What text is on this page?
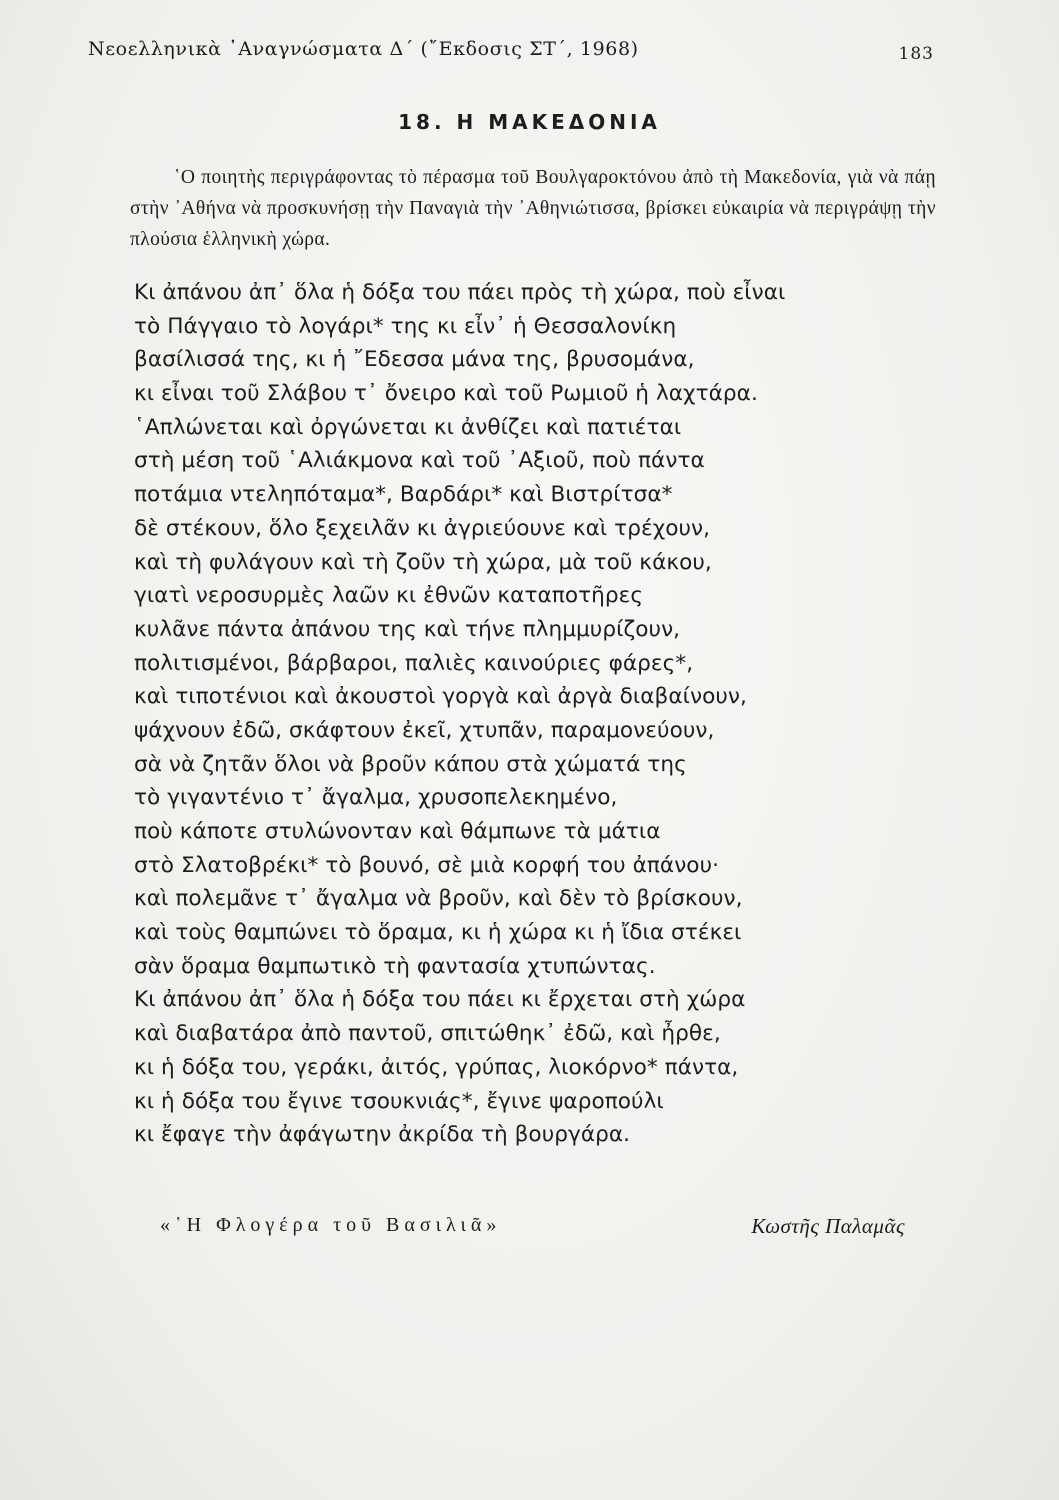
Νεοελληνικὰ ᾿Αναγνώσματα Δ΄ (῎Εκδοσις ΣΤ΄, 1968)	183
18. Η ΜΑΚΕΔΟΝΙΑ

῾Ο ποιητὴς περιγράφοντας τὸ πέρασμα τοῦ Βουλγαροκτόνου ἀπὸ τὴ Μακεδονία, γιὰ νὰ πάῃ στὴν ᾿Αθήνα νὰ προσκυνήσῃ τὴν Παναγιὰ τὴν ᾿Αθηνιώτισσα, βρίσκει εὐκαιρία νὰ περιγράψῃ τὴν πλούσια ἑλληνικὴ χώρα.

Κι ἀπάνου ἀπ᾿ ὅλα ἡ δόξα του πάει πρὸς τὴ χώρα, ποὺ εἶναι
τὸ Πάγγαιο τὸ λογάρι* της κι εἶν᾿ ἡ Θεσσαλονίκη
βασίλισσά της, κι ἡ ῎Εδεσσα μάνα της, βρυσομάνα,
κι εἶναι τοῦ Σλάβου τ᾿ ὄνειρο καὶ τοῦ Ρωμιοῦ ἡ λαχτάρα.
῾Απλώνεται καὶ ὀργώνεται κι ἀνθίζει καὶ πατιέται
στὴ μέση τοῦ ῾Αλιάκμονα καὶ τοῦ ᾿Αξιοῦ, ποὺ πάντα
ποτάμια ντεληπόταμα*, Βαρδάρι* καὶ Βιστρίτσα*
δὲ στέκουν, ὅλο ξεχειλᾶν κι ἀγριεύουνε καὶ τρέχουν,
καὶ τὴ φυλάγουν καὶ τὴ ζοῦν τὴ χώρα, μὰ τοῦ κάκου,
γιατὶ νεροσυρμὲς λαῶν κι ἐθνῶν καταποτῆρες
κυλᾶνε πάντα ἀπάνου της καὶ τήνε πλημμυρίζουν,
πολιτισμένοι, βάρβαροι, παλιὲς καινούριες φάρες*,
καὶ τιποτένιοι καὶ ἀκουστοὶ γοργὰ καὶ ἀργὰ διαβαίνουν,
ψάχνουν ἐδῶ, σκάφτουν ἐκεῖ, χτυπᾶν, παραμονεύουν,
σὰ νὰ ζητᾶν ὅλοι νὰ βροῦν κάπου στὰ χώματά της
τὸ γιγαντένιο τ᾿ ἄγαλμα, χρυσοπελεκημένο,
ποὺ κάποτε στυλώνονταν καὶ θάμπωνε τὰ μάτια
στὸ Σλατοβρέκι* τὸ βουνό, σὲ μιὰ κορφή του ἀπάνου·
καὶ πολεμᾶνε τ᾿ ἄγαλμα νὰ βροῦν, καὶ δὲν τὸ βρίσκουν,
καὶ τοὺς θαμπώνει τὸ ὅραμα, κι ἡ χώρα κι ἡ ἴδια στέκει
σὰν ὅραμα θαμπωτικὸ τὴ φαντασία χτυπώντας.
Κι ἀπάνου ἀπ᾿ ὅλα ἡ δόξα του πάει κι ἔρχεται στὴ χώρα
καὶ διαβατάρα ἀπὸ παντοῦ, σπιτώθηκ᾿ ἐδῶ, καὶ ἦρθε,
κι ἡ δόξα του, γεράκι, ἀιτός, γρύπας, λιοκόρνο* πάντα,
κι ἡ δόξα του ἔγινε τσουκνιάς*, ἔγινε ψαροπούλι
κι ἔφαγε τὴν ἀφάγωτην ἀκρίδα τὴ βουργάρα.
«῾Η Φλογέρα τοῦ Βασιλιᾶ»	Κωστῆς Παλαμᾶς
